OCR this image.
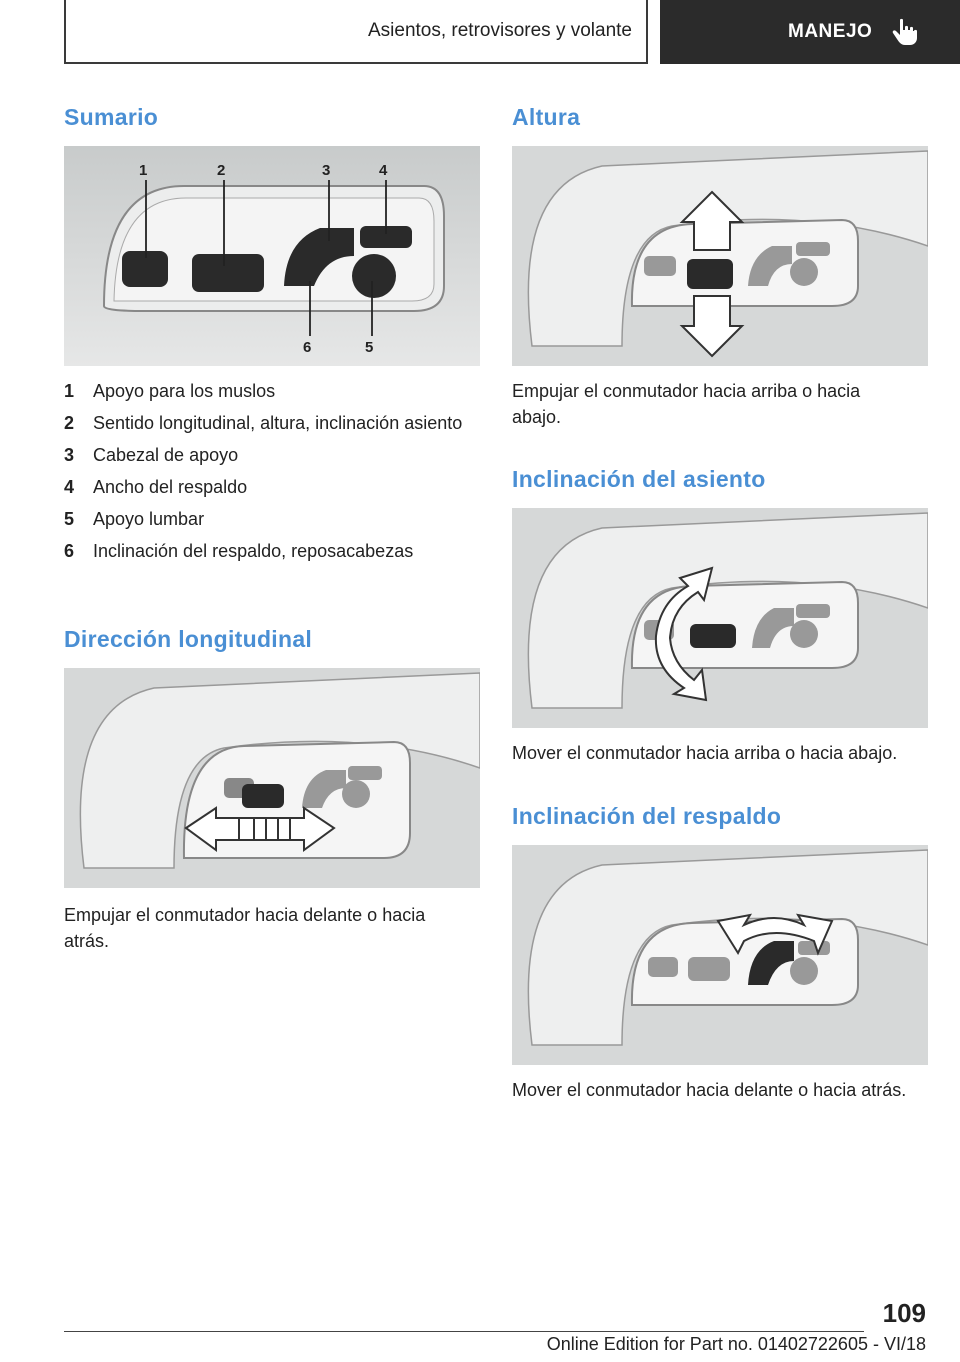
Asientos, retrovisores y volante	MANEJO
Sumario
1	2	3	4
6	5
1	Apoyo para los muslos
2	Sentido longitudinal, altura, inclinación asiento
3	Cabezal de apoyo
4	Ancho del respaldo
5	Apoyo lumbar
6	Inclinación del respaldo, reposacabezas
Dirección longitudinal
Empujar el conmutador hacia delante o hacia atrás.
Altura
Empujar el conmutador hacia arriba o hacia abajo.
Inclinación del asiento
Mover el conmutador hacia arriba o hacia abajo.
Inclinación del respaldo
Mover el conmutador hacia delante o hacia atrás.
109
Online Edition for Part no. 01402722605 - VI/18
